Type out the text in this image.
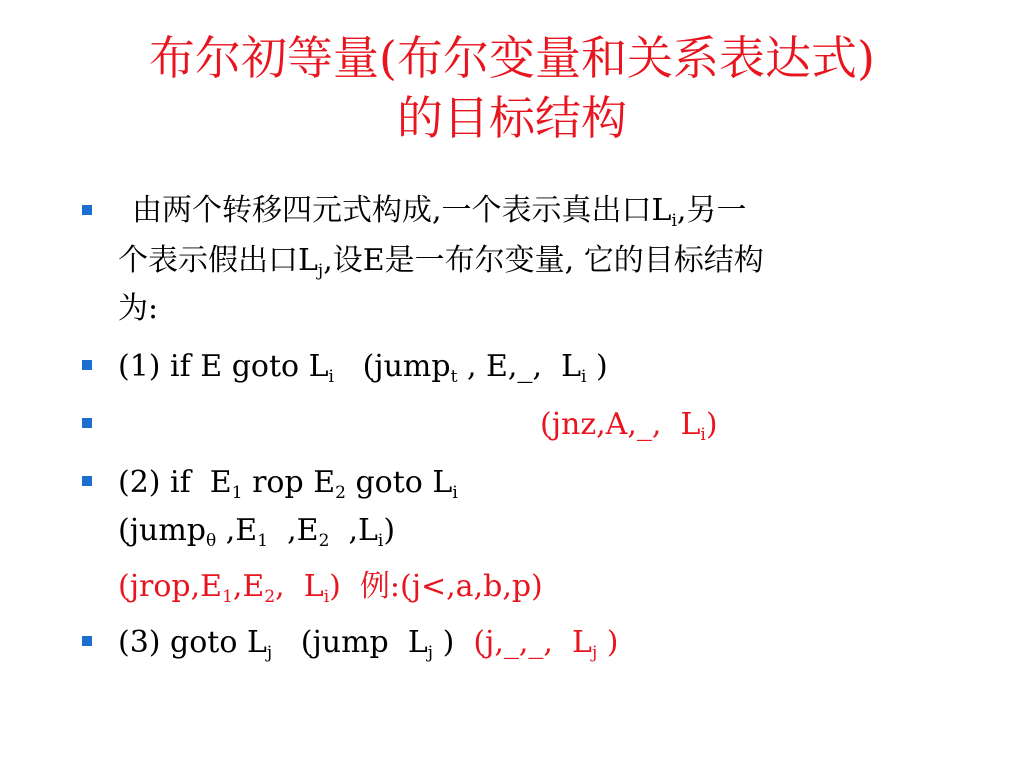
布尔初等量(布尔变量和关系表达式)
的目标结构
由两个转移四元式构成,一个表示真出口$L_i$,另一
个表示假出口$L_j$,设E是一布尔变量, 它的目标结构
为:
(1) if E goto $L_i$   (jump$_t$ , E,_,  $L_i$ )
(jnz,A,_,  $L_i$)
(2) if  $E_1$ rop $E_2$ goto $L_i$
(jump$_\theta$ $,E_1$  $,E_2$  $,L_i$)
($jrop,E_1,E_2$,  $L_i$)  例:(j<,a,b,p)
(3) goto $L_j$   (jump  $L_j$ )  (j,_,_,  $L_j$ )
